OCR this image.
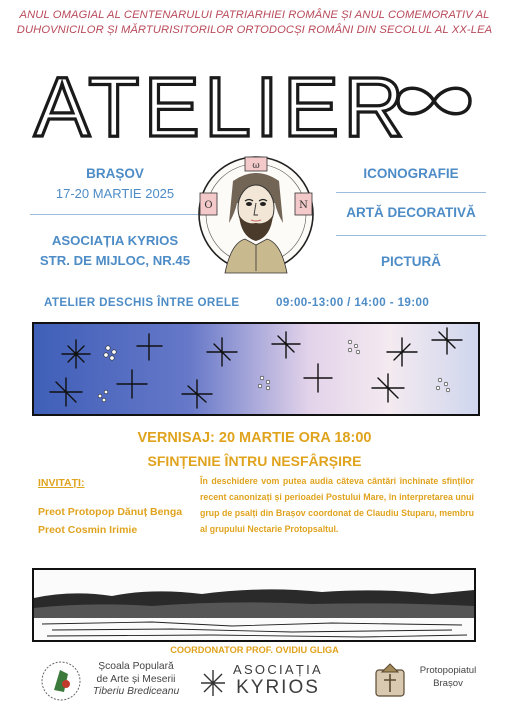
ANUL OMAGIAL AL CENTENARULUI PATRIARHIEI ROMÂNE ȘI ANUL COMEMORATIV AL
DUHOVNICILOR ȘI MĂRTURISITORILOR ORTODOCȘI ROMÂNI DIN SECOLUL AL XX-LEA
ATELIER
BRAȘOV
17-20 MARTIE 2025
ASOCIAȚIA KYRIOS
STR. DE MIJLOC, NR.45
ω
O	N
ICONOGRAFIE
ARTĂ DECORATIVĂ
PICTURĂ
ATELIER DESCHIS ÎNTRE ORELE	09:00-13:00 / 14:00 - 19:00
VERNISAJ: 20 MARTIE ORA 18:00
SFINȚENIE ÎNTRU NESFÂRȘIRE
INVITAȚI:
Preot Protopop Dănuț Benga
Preot Cosmin Irimie
În deschidere vom putea audia câteva cântări închinate sfinților recent canonizați și perioadei Postului Mare, în interpretarea unui grup de psalți din Brașov coordonat de Claudiu Stuparu, membru al grupului Nectarie Protopsaltul.
COORDONATOR PROF. OVIDIU GLIGA
Școala Populară
de Arte și Meserii
Tiberiu Brediceanu
ASOCIAȚIA
KYRIOS
Protopopiatul
Brașov
